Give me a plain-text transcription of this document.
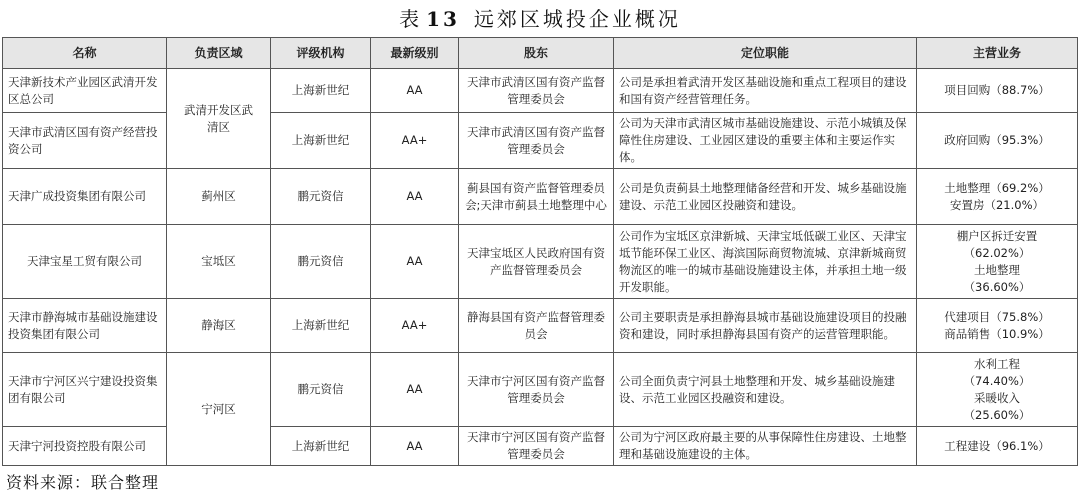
表 13 远郊区城投企业概况
名称	负责区域	评级机构	最新级别	股东	定位职能	主营业务
天津新技术产业园区武清开发区总公司	武清开发区武清区	上海新世纪	AA	天津市武清区国有资产监督管理委员会	公司是承担着武清开发区基础设施和重点工程项目的建设和国有资产经营管理任务。	项目回购（88.7%）

天津市武清区国有资产经营投资公司		上海新世纪	AA+	天津市武清区国有资产监督管理委员会	公司为天津市武清区城市基础设施建设、示范小城镇及保障性住房建设、工业园区建设的重要主体和主要运作实体。	政府回购（95.3%）

天津广成投资集团有限公司	蓟州区	鹏元资信	AA	蓟县国有资产监督管理委员会;天津市蓟县土地整理中心	公司是负责蓟县土地整理储备经营和开发、城乡基础设施建设、示范工业园区投融资和建设。	土地整理（69.2%）
安置房（21.0%）

天津宝星工贸有限公司	宝坻区	鹏元资信	AA	天津宝坻区人民政府国有资产监督管理委员会	公司作为宝坻区京津新城、天津宝坻低碳工业区、天津宝坻节能环保工业区、海滨国际商贸物流城、京津新城商贸物流区的唯一的城市基础设施建设主体，并承担土地一级开发职能。	棚户区拆迁安置
（62.02%）
土地整理
（36.60%）

天津市静海城市基础设施建设投资集团有限公司	静海区	上海新世纪	AA+	静海县国有资产监督管理委员会	公司主要职责是承担静海县城市基础设施建设项目的投融资和建设，同时承担静海县国有资产的运营管理职能。	代建项目（75.8%）
商品销售（10.9%）

天津市宁河区兴宁建设投资集团有限公司	宁河区	鹏元资信	AA	天津市宁河区国有资产监督管理委员会	公司全面负责宁河县土地整理和开发、城乡基础设施建设、示范工业园区投融资和建设。	水利工程
（74.40%）
采暖收入
（25.60%）

天津宁河投资控股有限公司		上海新世纪	AA	天津市宁河区国有资产监督管理委员会	公司为宁河区政府最主要的从事保障性住房建设、土地整理和基础设施建设的主体。	工程建设（96.1%）
资料来源：联合整理
